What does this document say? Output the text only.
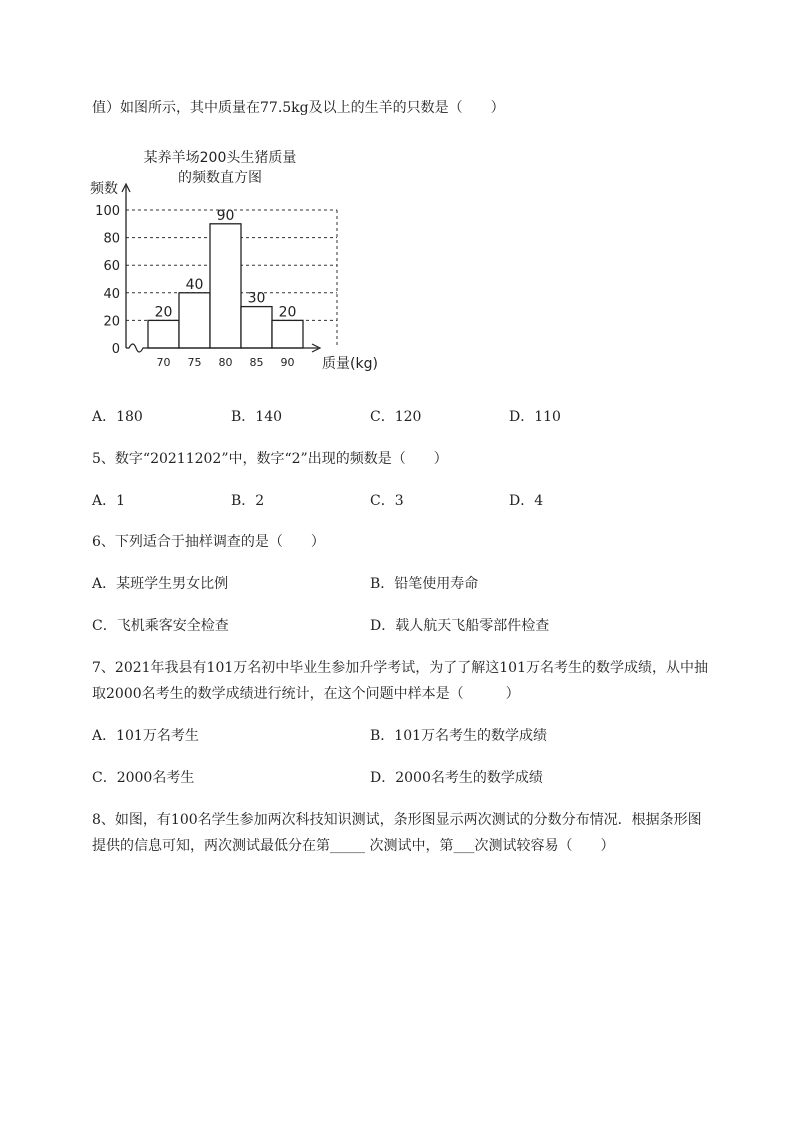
值）如图所示，其中质量在77.5kg及以上的生羊的只数是（　　）
某养羊场200头生猪质量
的频数直方图
频数
质量(kg)
20
40
90
30
20
0
20
40
60
80
100
70 75 80 85 90
A．180	B．140	C．120	D．110
5、数字“20211202”中，数字“2”出现的频数是（　　）
A．1	B．2	C．3	D．4
6、下列适合于抽样调查的是（　　）
A．某班学生男女比例	B．铅笔使用寿命
C．飞机乘客安全检查	D．载人航天飞船零部件检查
7、2021年我县有101万名初中毕业生参加升学考试，为了了解这101万名考生的数学成绩，从中抽
取2000名考生的数学成绩进行统计，在这个问题中样本是（　　　）
A．101万名考生	B．101万名考生的数学成绩
C．2000名考生	D．2000名考生的数学成绩
8、如图，有100名学生参加两次科技知识测试，条形图显示两次测试的分数分布情况．根据条形图
提供的信息可知，两次测试最低分在第_____ 次测试中，第___次测试较容易（　　）
